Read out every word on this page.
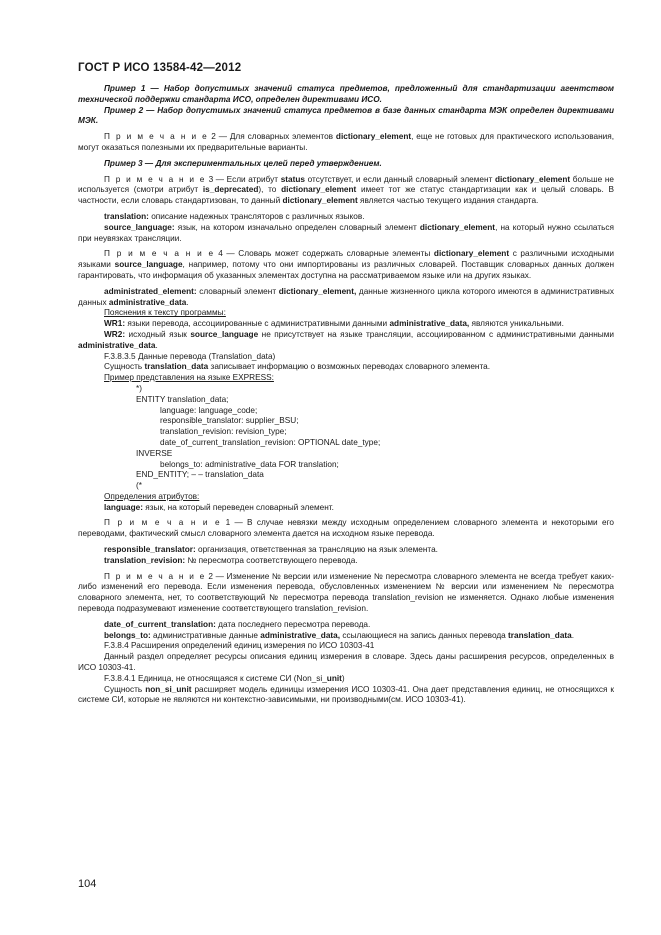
ГОСТ Р ИСО 13584-42—2012

Пример 1 — Набор допустимых значений статуса предметов, предложенный для стандартизации агентством технической поддержки стандарта ИСО, определен директивами ИСО.

Пример 2 — Набор допустимых значений статуса предметов в базе данных стандарта МЭК определен директивами МЭК.

П р и м е ч а н и е 2 — Для словарных элементов dictionary_element, еще не готовых для практического использования, могут оказаться полезными их предварительные варианты.

Пример 3 — Для экспериментальных целей перед утверждением.

П р и м е ч а н и е 3 — Если атрибут status отсутствует, и если данный словарный элемент dictionary_element больше не используется (смотри атрибут is_deprecated), то dictionary_element имеет тот же статус стандартизации как и целый словарь. В частности, если словарь стандартизован, то данный dictionary_element является частью текущего издания стандарта.

translation: описание надежных трансляторов с различных языков.

source_language: язык, на котором изначально определен словарный элемент dictionary_element, на который нужно ссылаться при неувязках трансляции.

П р и м е ч а н и е 4 — Словарь может содержать словарные элементы dictionary_element с различными исходными языками source_language, например, потому что они импортированы из различных словарей. Поставщик словарных данных должен гарантировать, что информация об указанных элементах доступна на рассматриваемом языке или на других языках.

administrated_element: словарный элемент dictionary_element, данные жизненного цикла которого имеются в административных данных administrative_data.

Пояснения к тексту программы:

WR1: языки перевода, ассоциированные с административными данными administrative_data, являются уникальными.

WR2: исходный язык source_language не присутствует на языке трансляции, ассоциированном с административными данными administrative_data.

F.3.8.3.5 Данные перевода (Translation_data)

Сущность translation_data записывает информацию о возможных переводах словарного элемента.

Пример представления на языке EXPRESS:

*)

ENTITY translation_data;

language: language_code;

responsible_translator: supplier_BSU;

translation_revision: revision_type;

date_of_current_translation_revision: OPTIONAL date_type;

INVERSE

belongs_to: administrative_data FOR translation;

END_ENTITY; – – translation_data

(*

Определения атрибутов:

language: язык, на который переведен словарный элемент.

П р и м е ч а н и е 1 — В случае невязки между исходным определением словарного элемента и некоторыми его переводами, фактический смысл словарного элемента дается на исходном языке перевода.

responsible_translator: организация, ответственная за трансляцию на язык элемента.

translation_revision: № пересмотра соответствующего перевода.

П р и м е ч а н и е 2 — Изменение № версии или изменение № пересмотра словарного элемента не всегда требует каких-либо изменений его перевода. Если изменения перевода, обусловленных изменением № версии или изменением № пересмотра словарного элемента, нет, то соответствующий № пересмотра перевода translation_revision не изменяется. Однако любые изменения перевода подразумевают изменение соответствующего translation_revision.

date_of_current_translation: дата последнего пересмотра перевода.

belongs_to: административные данные administrative_data, ссылающиеся на запись данных перевода translation_data.

F.3.8.4 Расширения определений единиц измерения по ИСО 10303-41

Данный раздел определяет ресурсы описания единиц измерения в словаре. Здесь даны расширения ресурсов, определенных в ИСО 10303-41.

F.3.8.4.1 Единица, не относящаяся к системе СИ (Non_si_unit)

Сущность non_si_unit расширяет модель единицы измерения ИСО 10303-41. Она дает представления единиц, не относящихся к системе СИ, которые не являются ни контекстно-зависимыми, ни производными(см. ИСО 10303-41).

104
